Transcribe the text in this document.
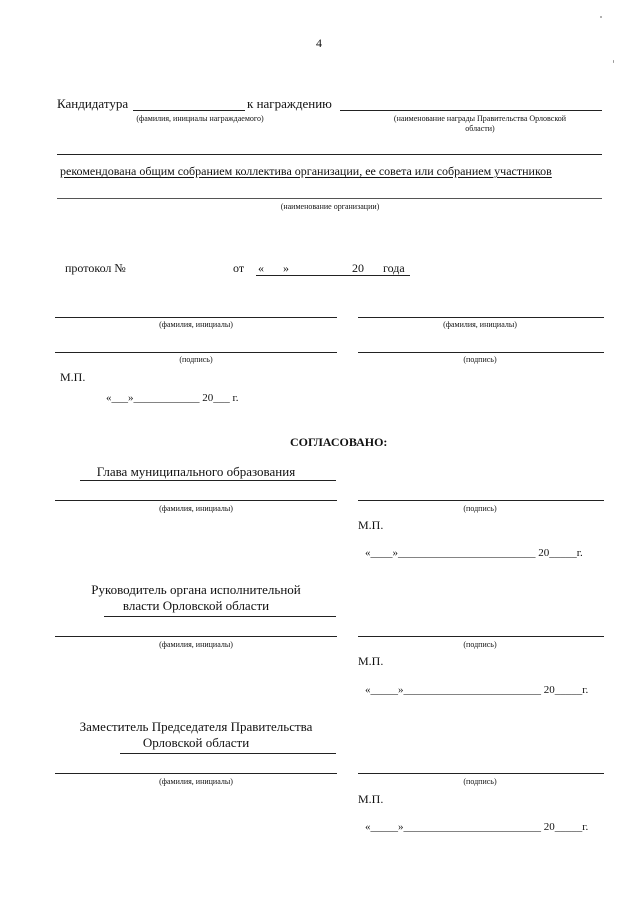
4
Кандидатура	к награждению
(фамилия, инициалы награждаемого)	(наименование награды Правительства Орловской
области)
рекомендована общим собранием коллектива организации, ее совета или собранием участников
(наименование организации)
протокол №	от « »	20 года
(фамилия, инициалы)	(фамилия, инициалы)
(подпись)	(подпись)
М.П.
«___»____________ 20___ г.
СОГЛАСОВАНО:
Глава муниципального образования
(фамилия, инициалы)	(подпись)
М.П.
«____»_________________________ 20_____г.
Руководитель органа исполнительной
власти Орловской области
(фамилия, инициалы)	(подпись)
М.П.
«_____»_________________________ 20_____г.
Заместитель Председателя Правительства
Орловской области
(фамилия, инициалы)	(подпись)
М.П.
«_____»_________________________ 20_____г.
